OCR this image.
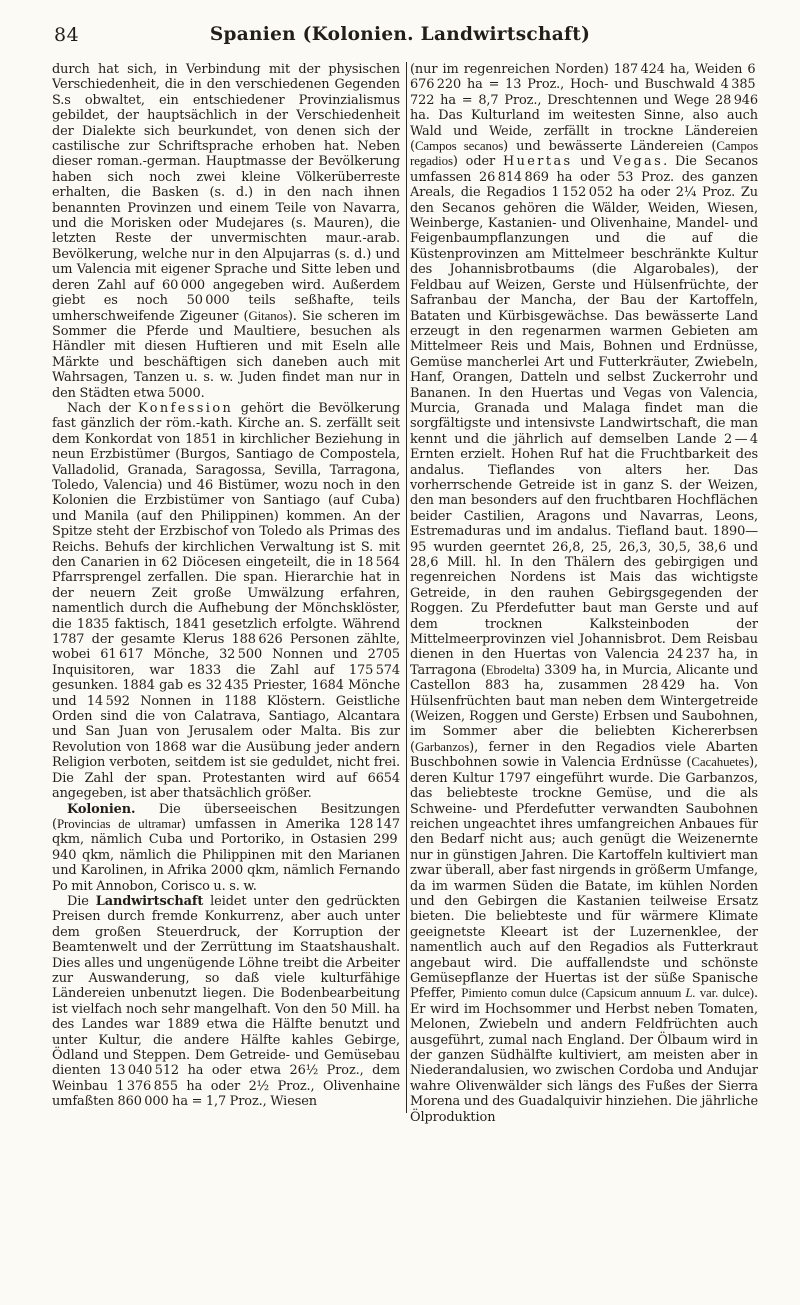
84	Spanien (Kolonien. Landwirtschaft)

durch hat sich, in Verbindung mit der physischen Verschiedenheit, die in den verschiedenen Gegenden S.s obwaltet, ein entschiedener Provinzialismus gebildet, der hauptsächlich in der Verschiedenheit der Dialekte sich beurkundet, von denen sich der castilische zur Schriftsprache erhoben hat. Neben dieser roman.-german. Hauptmasse der Bevölkerung haben sich noch zwei kleine Völkerüberreste erhalten, die Basken (s. d.) in den nach ihnen benannten Provinzen und einem Teile von Navarra, und die Morisken oder Mudejares (s. Mauren), die letzten Reste der unvermischten maur.-arab. Bevölkerung, welche nur in den Alpujarras (s. d.) und um Valencia mit eigener Sprache und Sitte leben und deren Zahl auf 60 000 angegeben wird. Außerdem giebt es noch 50 000 teils seßhafte, teils umherschweifende Zigeuner (Gitanos). Sie scheren im Sommer die Pferde und Maultiere, besuchen als Händler mit diesen Huftieren und mit Eseln alle Märkte und beschäftigen sich daneben auch mit Wahrsagen, Tanzen u. s. w. Juden findet man nur in den Städten etwa 5000.

Nach der Konfession gehört die Bevölkerung fast gänzlich der röm.-kath. Kirche an. S. zerfällt seit dem Konkordat von 1851 in kirchlicher Beziehung in neun Erzbistümer (Burgos, Santiago de Compostela, Valladolid, Granada, Saragossa, Sevilla, Tarragona, Toledo, Valencia) und 46 Bistümer, wozu noch in den Kolonien die Erzbistümer von Santiago (auf Cuba) und Manila (auf den Philippinen) kommen. An der Spitze steht der Erzbischof von Toledo als Primas des Reichs. Behufs der kirchlichen Verwaltung ist S. mit den Canarien in 62 Diöcesen eingeteilt, die in 18 564 Pfarrsprengel zerfallen. Die span. Hierarchie hat in der neuern Zeit große Umwälzung erfahren, namentlich durch die Aufhebung der Mönchsklöster, die 1835 faktisch, 1841 gesetzlich erfolgte. Während 1787 der gesamte Klerus 188 626 Personen zählte, wobei 61 617 Mönche, 32 500 Nonnen und 2705 Inquisitoren, war 1833 die Zahl auf 175 574 gesunken. 1884 gab es 32 435 Priester, 1684 Mönche und 14 592 Nonnen in 1188 Klöstern. Geistliche Orden sind die von Calatrava, Santiago, Alcantara und San Juan von Jerusalem oder Malta. Bis zur Revolution von 1868 war die Ausübung jeder andern Religion verboten, seitdem ist sie geduldet, nicht frei. Die Zahl der span. Protestanten wird auf 6654 angegeben, ist aber thatsächlich größer.

Kolonien. Die überseeischen Besitzungen (Provincias de ultramar) umfassen in Amerika 128 147 qkm, nämlich Cuba und Portoriko, in Ostasien 299 940 qkm, nämlich die Philippinen mit den Marianen und Karolinen, in Afrika 2000 qkm, nämlich Fernando Po mit Annobon, Corisco u. s. w.

Die Landwirtschaft leidet unter den gedrückten Preisen durch fremde Konkurrenz, aber auch unter dem großen Steuerdruck, der Korruption der Beamtenwelt und der Zerrüttung im Staatshaushalt. Dies alles und ungenügende Löhne treibt die Arbeiter zur Auswanderung, so daß viele kulturfähige Ländereien unbenutzt liegen. Die Bodenbearbeitung ist vielfach noch sehr mangelhaft. Von den 50 Mill. ha des Landes war 1889 etwa die Hälfte benutzt und unter Kultur, die andere Hälfte kahles Gebirge, Ödland und Steppen. Dem Getreide- und Gemüsebau dienten 13 040 512 ha oder etwa 26½ Proz., dem Weinbau 1 376 855 ha oder 2½ Proz., Olivenhaine umfaßten 860 000 ha = 1,7 Proz., Wiesen

(nur im regenreichen Norden) 187 424 ha, Weiden 6 676 220 ha = 13 Proz., Hoch- und Buschwald 4 385 722 ha = 8,7 Proz., Dreschtennen und Wege 28 946 ha. Das Kulturland im weitesten Sinne, also auch Wald und Weide, zerfällt in trockne Ländereien (Campos secanos) und bewässerte Ländereien (Campos regadios) oder Huertas und Vegas. Die Secanos umfassen 26 814 869 ha oder 53 Proz. des ganzen Areals, die Regadios 1 152 052 ha oder 2¼ Proz. Zu den Secanos gehören die Wälder, Weiden, Wiesen, Weinberge, Kastanien- und Olivenhaine, Mandel- und Feigenbaumpflanzungen und die auf die Küstenprovinzen am Mittelmeer beschränkte Kultur des Johannisbrotbaums (die Algarobales), der Feldbau auf Weizen, Gerste und Hülsenfrüchte, der Safranbau der Mancha, der Bau der Kartoffeln, Bataten und Kürbisgewächse. Das bewässerte Land erzeugt in den regenarmen warmen Gebieten am Mittelmeer Reis und Mais, Bohnen und Erdnüsse, Gemüse mancherlei Art und Futterkräuter, Zwiebeln, Hanf, Orangen, Datteln und selbst Zuckerrohr und Bananen. In den Huertas und Vegas von Valencia, Murcia, Granada und Malaga findet man die sorgfältigste und intensivste Landwirtschaft, die man kennt und die jährlich auf demselben Lande 2 — 4 Ernten erzielt. Hohen Ruf hat die Fruchtbarkeit des andalus. Tieflandes von alters her. Das vorherrschende Getreide ist in ganz S. der Weizen, den man besonders auf den fruchtbaren Hochflächen beider Castilien, Aragons und Navarras, Leons, Estremaduras und im andalus. Tiefland baut. 1890—95 wurden geerntet 26,8, 25, 26,3, 30,5, 38,6 und 28,6 Mill. hl. In den Thälern des gebirgigen und regenreichen Nordens ist Mais das wichtigste Getreide, in den rauhen Gebirgsgegenden der Roggen. Zu Pferdefutter baut man Gerste und auf dem trocknen Kalksteinboden der Mittelmeerprovinzen viel Johannisbrot. Dem Reisbau dienen in den Huertas von Valencia 24 237 ha, in Tarragona (Ebrodelta) 3309 ha, in Murcia, Alicante und Castellon 883 ha, zusammen 28 429 ha. Von Hülsenfrüchten baut man neben dem Wintergetreide (Weizen, Roggen und Gerste) Erbsen und Saubohnen, im Sommer aber die beliebten Kichererbsen (Garbanzos), ferner in den Regadios viele Abarten Buschbohnen sowie in Valencia Erdnüsse (Cacahuetes), deren Kultur 1797 eingeführt wurde. Die Garbanzos, das beliebteste trockne Gemüse, und die als Schweine- und Pferdefutter verwandten Saubohnen reichen ungeachtet ihres umfangreichen Anbaues für den Bedarf nicht aus; auch genügt die Weizenernte nur in günstigen Jahren. Die Kartoffeln kultiviert man zwar überall, aber fast nirgends in größerm Umfange, da im warmen Süden die Batate, im kühlen Norden und den Gebirgen die Kastanien teilweise Ersatz bieten. Die beliebteste und für wärmere Klimate geeignetste Kleeart ist der Luzernenklee, der namentlich auch auf den Regadios als Futterkraut angebaut wird. Die auffallendste und schönste Gemüsepflanze der Huertas ist der süße Spanische Pfeffer, Pimiento comun dulce (Capsicum annuum L. var. dulce). Er wird im Hochsommer und Herbst neben Tomaten, Melonen, Zwiebeln und andern Feldfrüchten auch ausgeführt, zumal nach England. Der Ölbaum wird in der ganzen Südhälfte kultiviert, am meisten aber in Niederandalusien, wo zwischen Cordoba und Andujar wahre Olivenwälder sich längs des Fußes der Sierra Morena und des Guadalquivir hinziehen. Die jährliche Ölproduktion
